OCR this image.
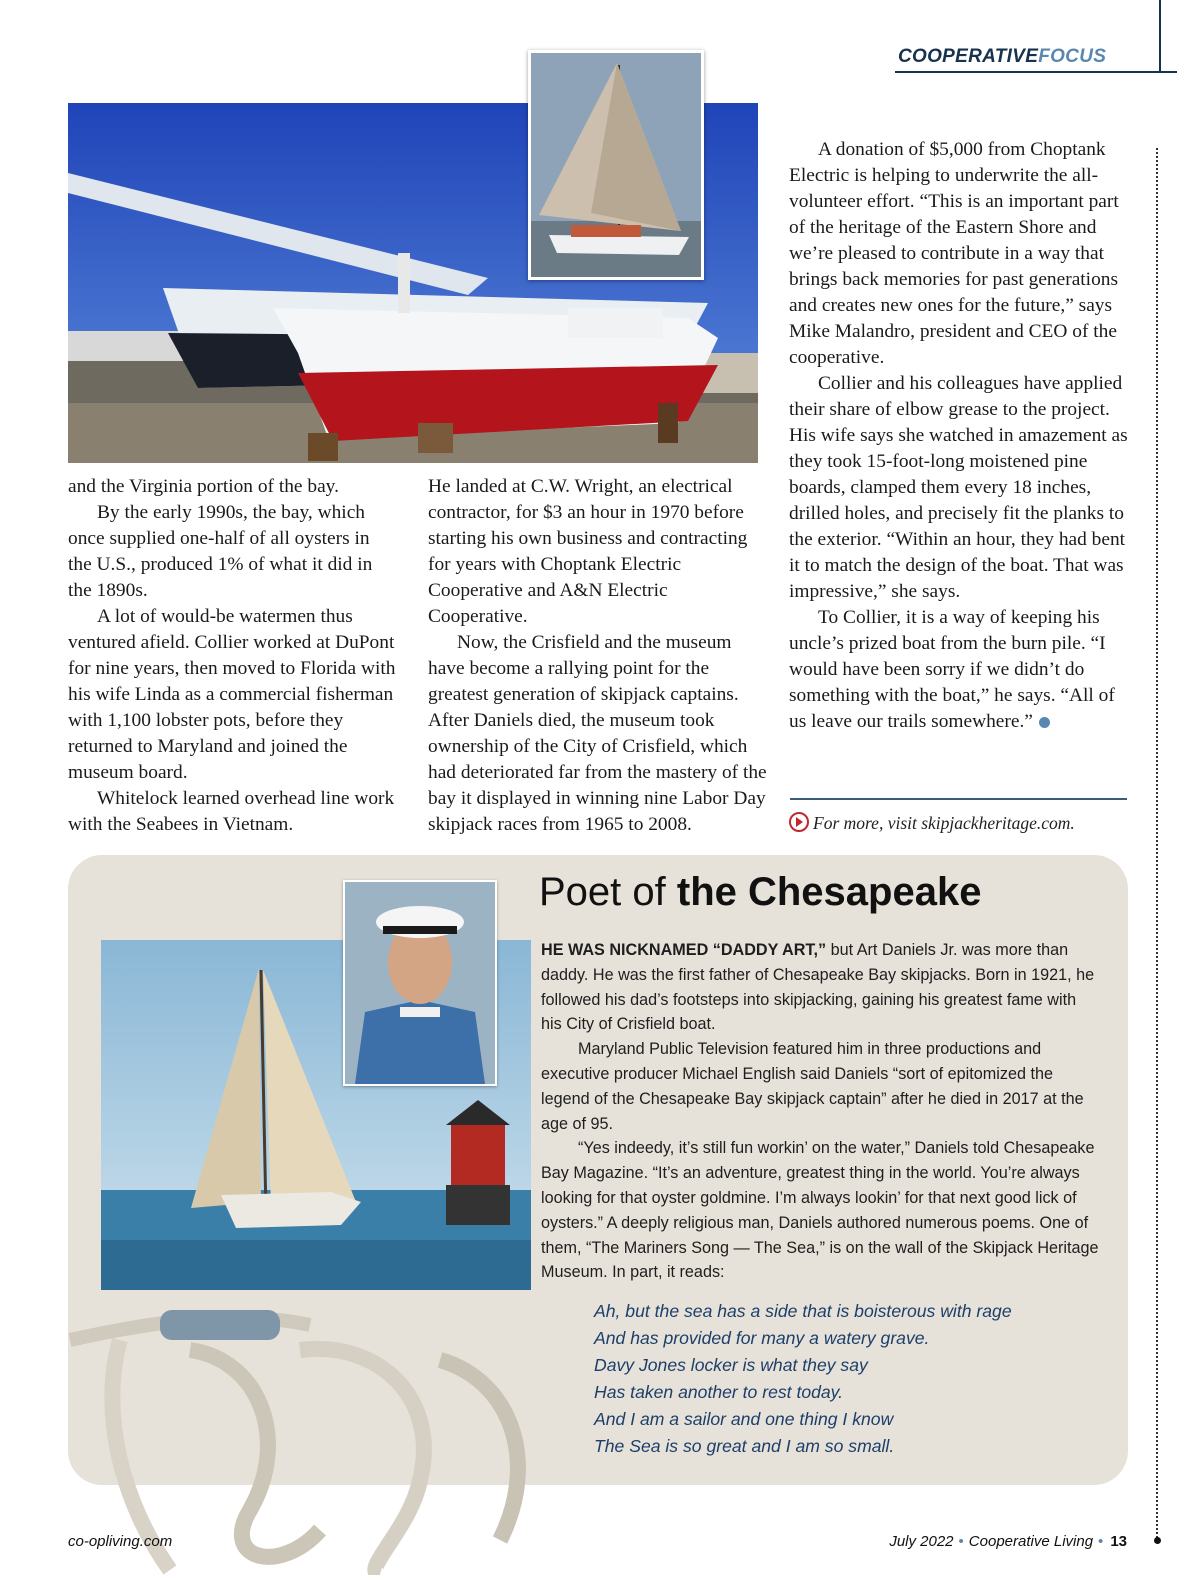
COOPERATIVEFOCUS

and the Virginia portion of the bay.

By the early 1990s, the bay, which once supplied one-half of all oysters in the U.S., produced 1% of what it did in the 1890s.

A lot of would-be watermen thus ventured afield. Collier worked at DuPont for nine years, then moved to Florida with his wife Linda as a commercial fisherman with 1,100 lobster pots, before they returned to Maryland and joined the museum board.

Whitelock learned overhead line work with the Seabees in Vietnam.

He landed at C.W. Wright, an electrical contractor, for $3 an hour in 1970 before starting his own business and contracting for years with Choptank Electric Cooperative and A&N Electric Cooperative.

Now, the Crisfield and the museum have become a rallying point for the greatest generation of skipjack captains. After Daniels died, the museum took ownership of the City of Crisfield, which had deteriorated far from the mastery of the bay it displayed in winning nine Labor Day skipjack races from 1965 to 2008.

A donation of $5,000 from Choptank Electric is helping to underwrite the all-volunteer effort. “This is an important part of the heritage of the Eastern Shore and we’re pleased to contribute in a way that brings back memories for past generations and creates new ones for the future,” says Mike Malandro, president and CEO of the cooperative.

Collier and his colleagues have applied their share of elbow grease to the project. His wife says she watched in amazement as they took 15-foot-long moistened pine boards, clamped them every 18 inches, drilled holes, and precisely fit the planks to the exterior. “Within an hour, they had bent it to match the design of the boat. That was impressive,” she says.

To Collier, it is a way of keeping his uncle’s prized boat from the burn pile. “I would have been sorry if we didn’t do something with the boat,” he says. “All of us leave our trails somewhere.”

For more, visit skipjackheritage.com.
Poet of the Chesapeake

HE WAS NICKNAMED “DADDY ART,” but Art Daniels Jr. was more than daddy. He was the first father of Chesapeake Bay skipjacks. Born in 1921, he followed his dad’s footsteps into skipjacking, gaining his greatest fame with his City of Crisfield boat.

Maryland Public Television featured him in three productions and executive producer Michael English said Daniels “sort of epitomized the legend of the Chesapeake Bay skipjack captain” after he died in 2017 at the age of 95.

“Yes indeedy, it’s still fun workin’ on the water,” Daniels told Chesapeake Bay Magazine. “It’s an adventure, greatest thing in the world. You’re always looking for that oyster goldmine. I’m always lookin’ for that next good lick of oysters.” A deeply religious man, Daniels authored numerous poems. One of them, “The Mariners Song — The Sea,” is on the wall of the Skipjack Heritage Museum. In part, it reads:

Ah, but the sea has a side that is boisterous with rage
And has provided for many a watery grave.
Davy Jones locker is what they say
Has taken another to rest today.
And I am a sailor and one thing I know
The Sea is so great and I am so small.
co-opliving.com	July 2022 • Cooperative Living • 13
